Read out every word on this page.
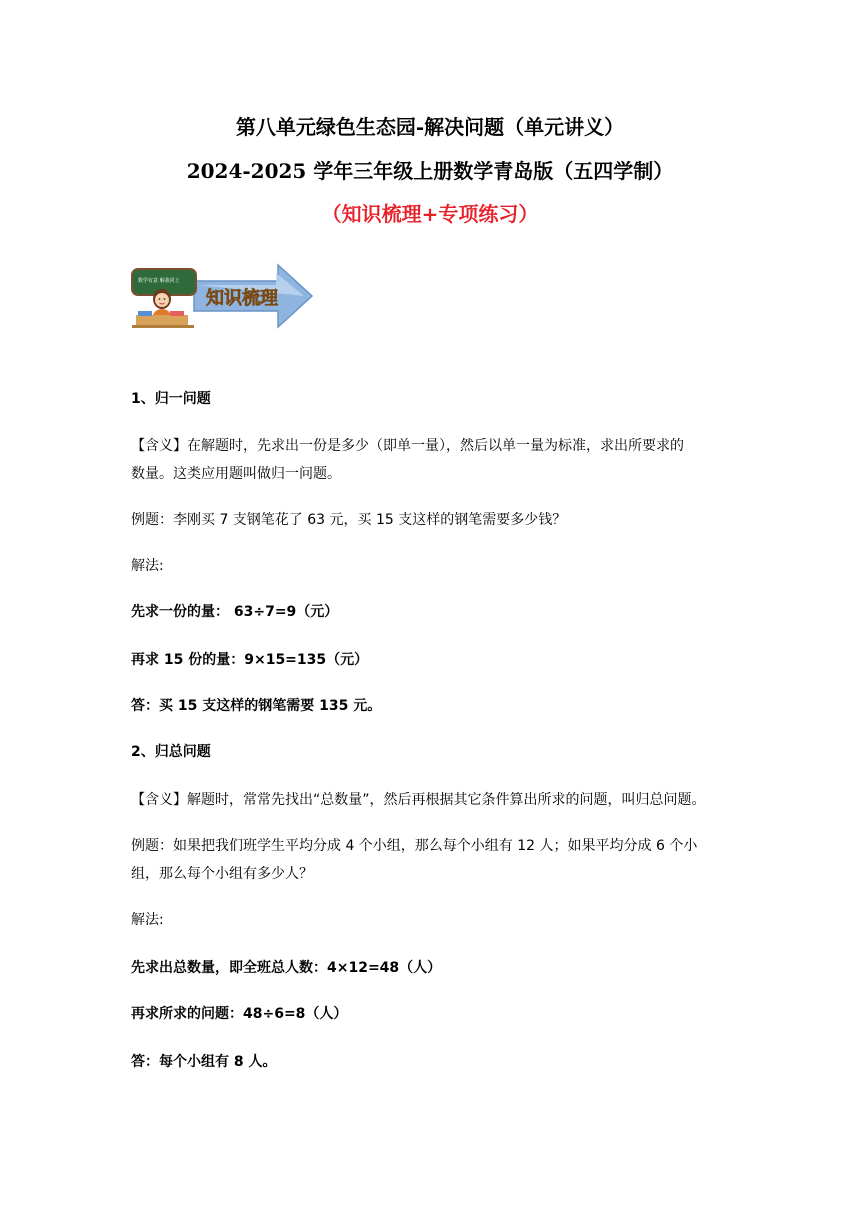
第八单元绿色生态园-解决问题（单元讲义）
2024-2025 学年三年级上册数学青岛版（五四学制）
（知识梳理+专项练习）
知识梳理
数学有意 解我同上
1、归一问题
【含义】在解题时，先求出一份是多少（即单一量），然后以单一量为标准，求出所要求的
数量。这类应用题叫做归一问题。
例题：李刚买 7 支钢笔花了 63 元，买 15 支这样的钢笔需要多少钱？
解法:
先求一份的量： 63÷7=9（元）
再求 15 份的量：9×15=135（元）
答：买 15 支这样的钢笔需要 135 元。
2、归总问题
【含义】解题时，常常先找出“总数量”，然后再根据其它条件算出所求的问题，叫归总问题。
例题：如果把我们班学生平均分成 4 个小组，那么每个小组有 12 人；如果平均分成 6 个小
组，那么每个小组有多少人？
解法:
先求出总数量，即全班总人数：4×12=48（人）
再求所求的问题：48÷6=8（人）
答：每个小组有 8 人。
